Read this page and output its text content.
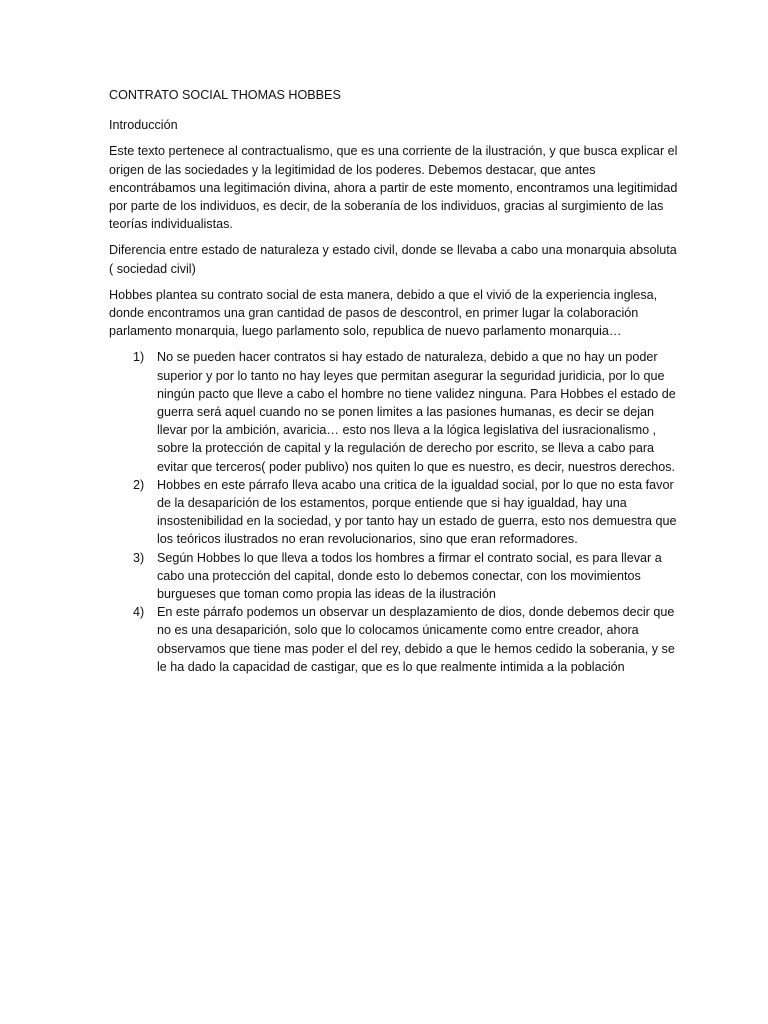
CONTRATO SOCIAL THOMAS HOBBES
Introducción

Este texto pertenece al contractualismo, que es una corriente de la ilustración, y que busca explicar el origen de las sociedades y la legitimidad de los poderes. Debemos destacar, que antes encontrábamos una legitimación divina, ahora a partir de este momento, encontramos una legitimidad por parte de los individuos, es decir, de la soberanía de los individuos, gracias al surgimiento de las teorías individualistas.

Diferencia entre estado de naturaleza y estado civil, donde se llevaba a cabo una monarquia absoluta ( sociedad civil)

Hobbes plantea su contrato social de esta manera, debido a que el vivió de la experiencia inglesa, donde encontramos una gran cantidad de pasos de descontrol, en primer lugar la colaboración parlamento monarquia, luego parlamento solo, republica de nuevo parlamento monarquia…

1) No se pueden hacer contratos si hay estado de naturaleza, debido a que no hay un poder superior y por lo tanto no hay leyes que permitan asegurar la seguridad juridicia, por lo que ningún pacto que lleve a cabo el hombre no tiene validez ninguna. Para Hobbes el estado de guerra será aquel cuando no se ponen limites a las pasiones humanas, es decir se dejan llevar por la ambición, avaricia… esto nos lleva a la lógica legislativa del iusracionalismo , sobre la protección de capital y la regulación de derecho por escrito, se lleva a cabo para evitar que terceros( poder publivo) nos quiten lo que es nuestro, es decir, nuestros derechos.
2) Hobbes en este párrafo lleva acabo una critica de la igualdad social, por lo que no esta favor de la desaparición de los estamentos, porque entiende que si hay igualdad, hay una insostenibilidad en la sociedad, y por tanto hay un estado de guerra, esto nos demuestra que los teóricos ilustrados no eran revolucionarios, sino que eran reformadores.
3) Según Hobbes lo que lleva a todos los hombres a firmar el contrato social, es para llevar a cabo una protección del capital, donde esto lo debemos conectar, con los movimientos burgueses que toman como propia las ideas de la ilustración
4) En este párrafo podemos un observar un desplazamiento de dios, donde debemos decir que no es una desaparición, solo que lo colocamos únicamente como entre creador, ahora observamos que tiene mas poder el del rey, debido a que le hemos cedido la soberania, y se le ha dado la capacidad de castigar, que es lo que realmente intimida a la población
